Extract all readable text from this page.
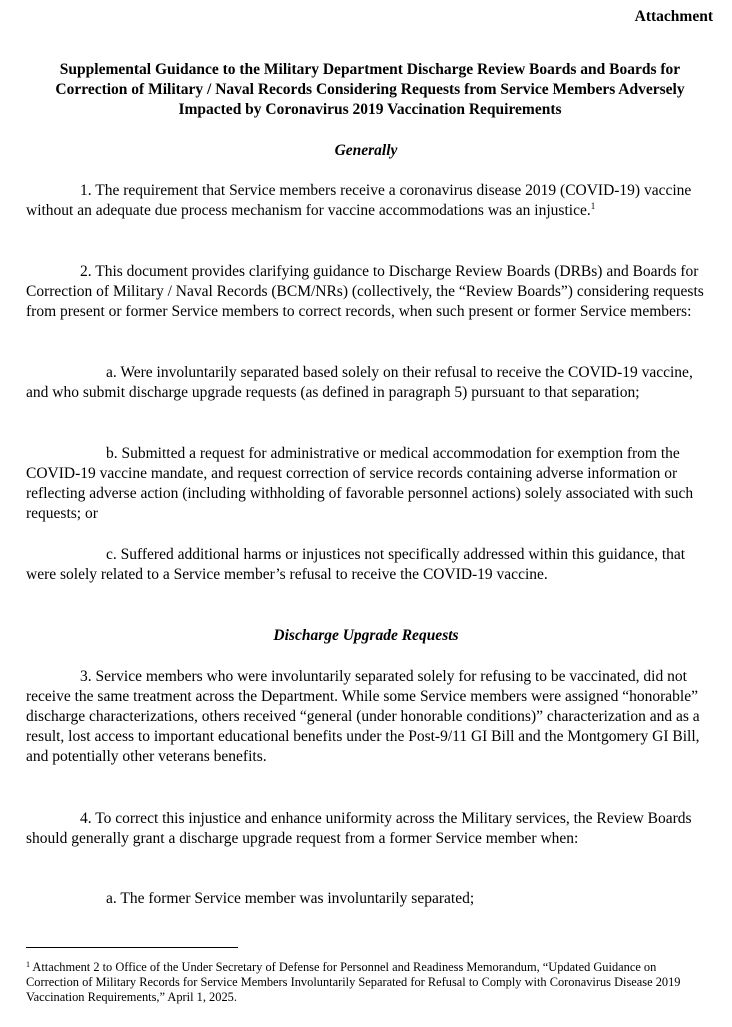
Attachment
Supplemental Guidance to the Military Department Discharge Review Boards and Boards for Correction of Military / Naval Records Considering Requests from Service Members Adversely Impacted by Coronavirus 2019 Vaccination Requirements
Generally
1. The requirement that Service members receive a coronavirus disease 2019 (COVID-19) vaccine without an adequate due process mechanism for vaccine accommodations was an injustice.$^1$
2. This document provides clarifying guidance to Discharge Review Boards (DRBs) and Boards for Correction of Military / Naval Records (BCM/NRs) (collectively, the “Review Boards”) considering requests from present or former Service members to correct records, when such present or former Service members:
a. Were involuntarily separated based solely on their refusal to receive the COVID-19 vaccine, and who submit discharge upgrade requests (as defined in paragraph 5) pursuant to that separation;
b. Submitted a request for administrative or medical accommodation for exemption from the COVID-19 vaccine mandate, and request correction of service records containing adverse information or reflecting adverse action (including withholding of favorable personnel actions) solely associated with such requests; or
c. Suffered additional harms or injustices not specifically addressed within this guidance, that were solely related to a Service member’s refusal to receive the COVID-19 vaccine.
Discharge Upgrade Requests
3. Service members who were involuntarily separated solely for refusing to be vaccinated, did not receive the same treatment across the Department. While some Service members were assigned “honorable” discharge characterizations, others received “general (under honorable conditions)” characterization and as a result, lost access to important educational benefits under the Post-9/11 GI Bill and the Montgomery GI Bill, and potentially other veterans benefits.
4. To correct this injustice and enhance uniformity across the Military services, the Review Boards should generally grant a discharge upgrade request from a former Service member when:
a. The former Service member was involuntarily separated;
$^1$ Attachment 2 to Office of the Under Secretary of Defense for Personnel and Readiness Memorandum, “Updated Guidance on Correction of Military Records for Service Members Involuntarily Separated for Refusal to Comply with Coronavirus Disease 2019 Vaccination Requirements,” April 1, 2025.
